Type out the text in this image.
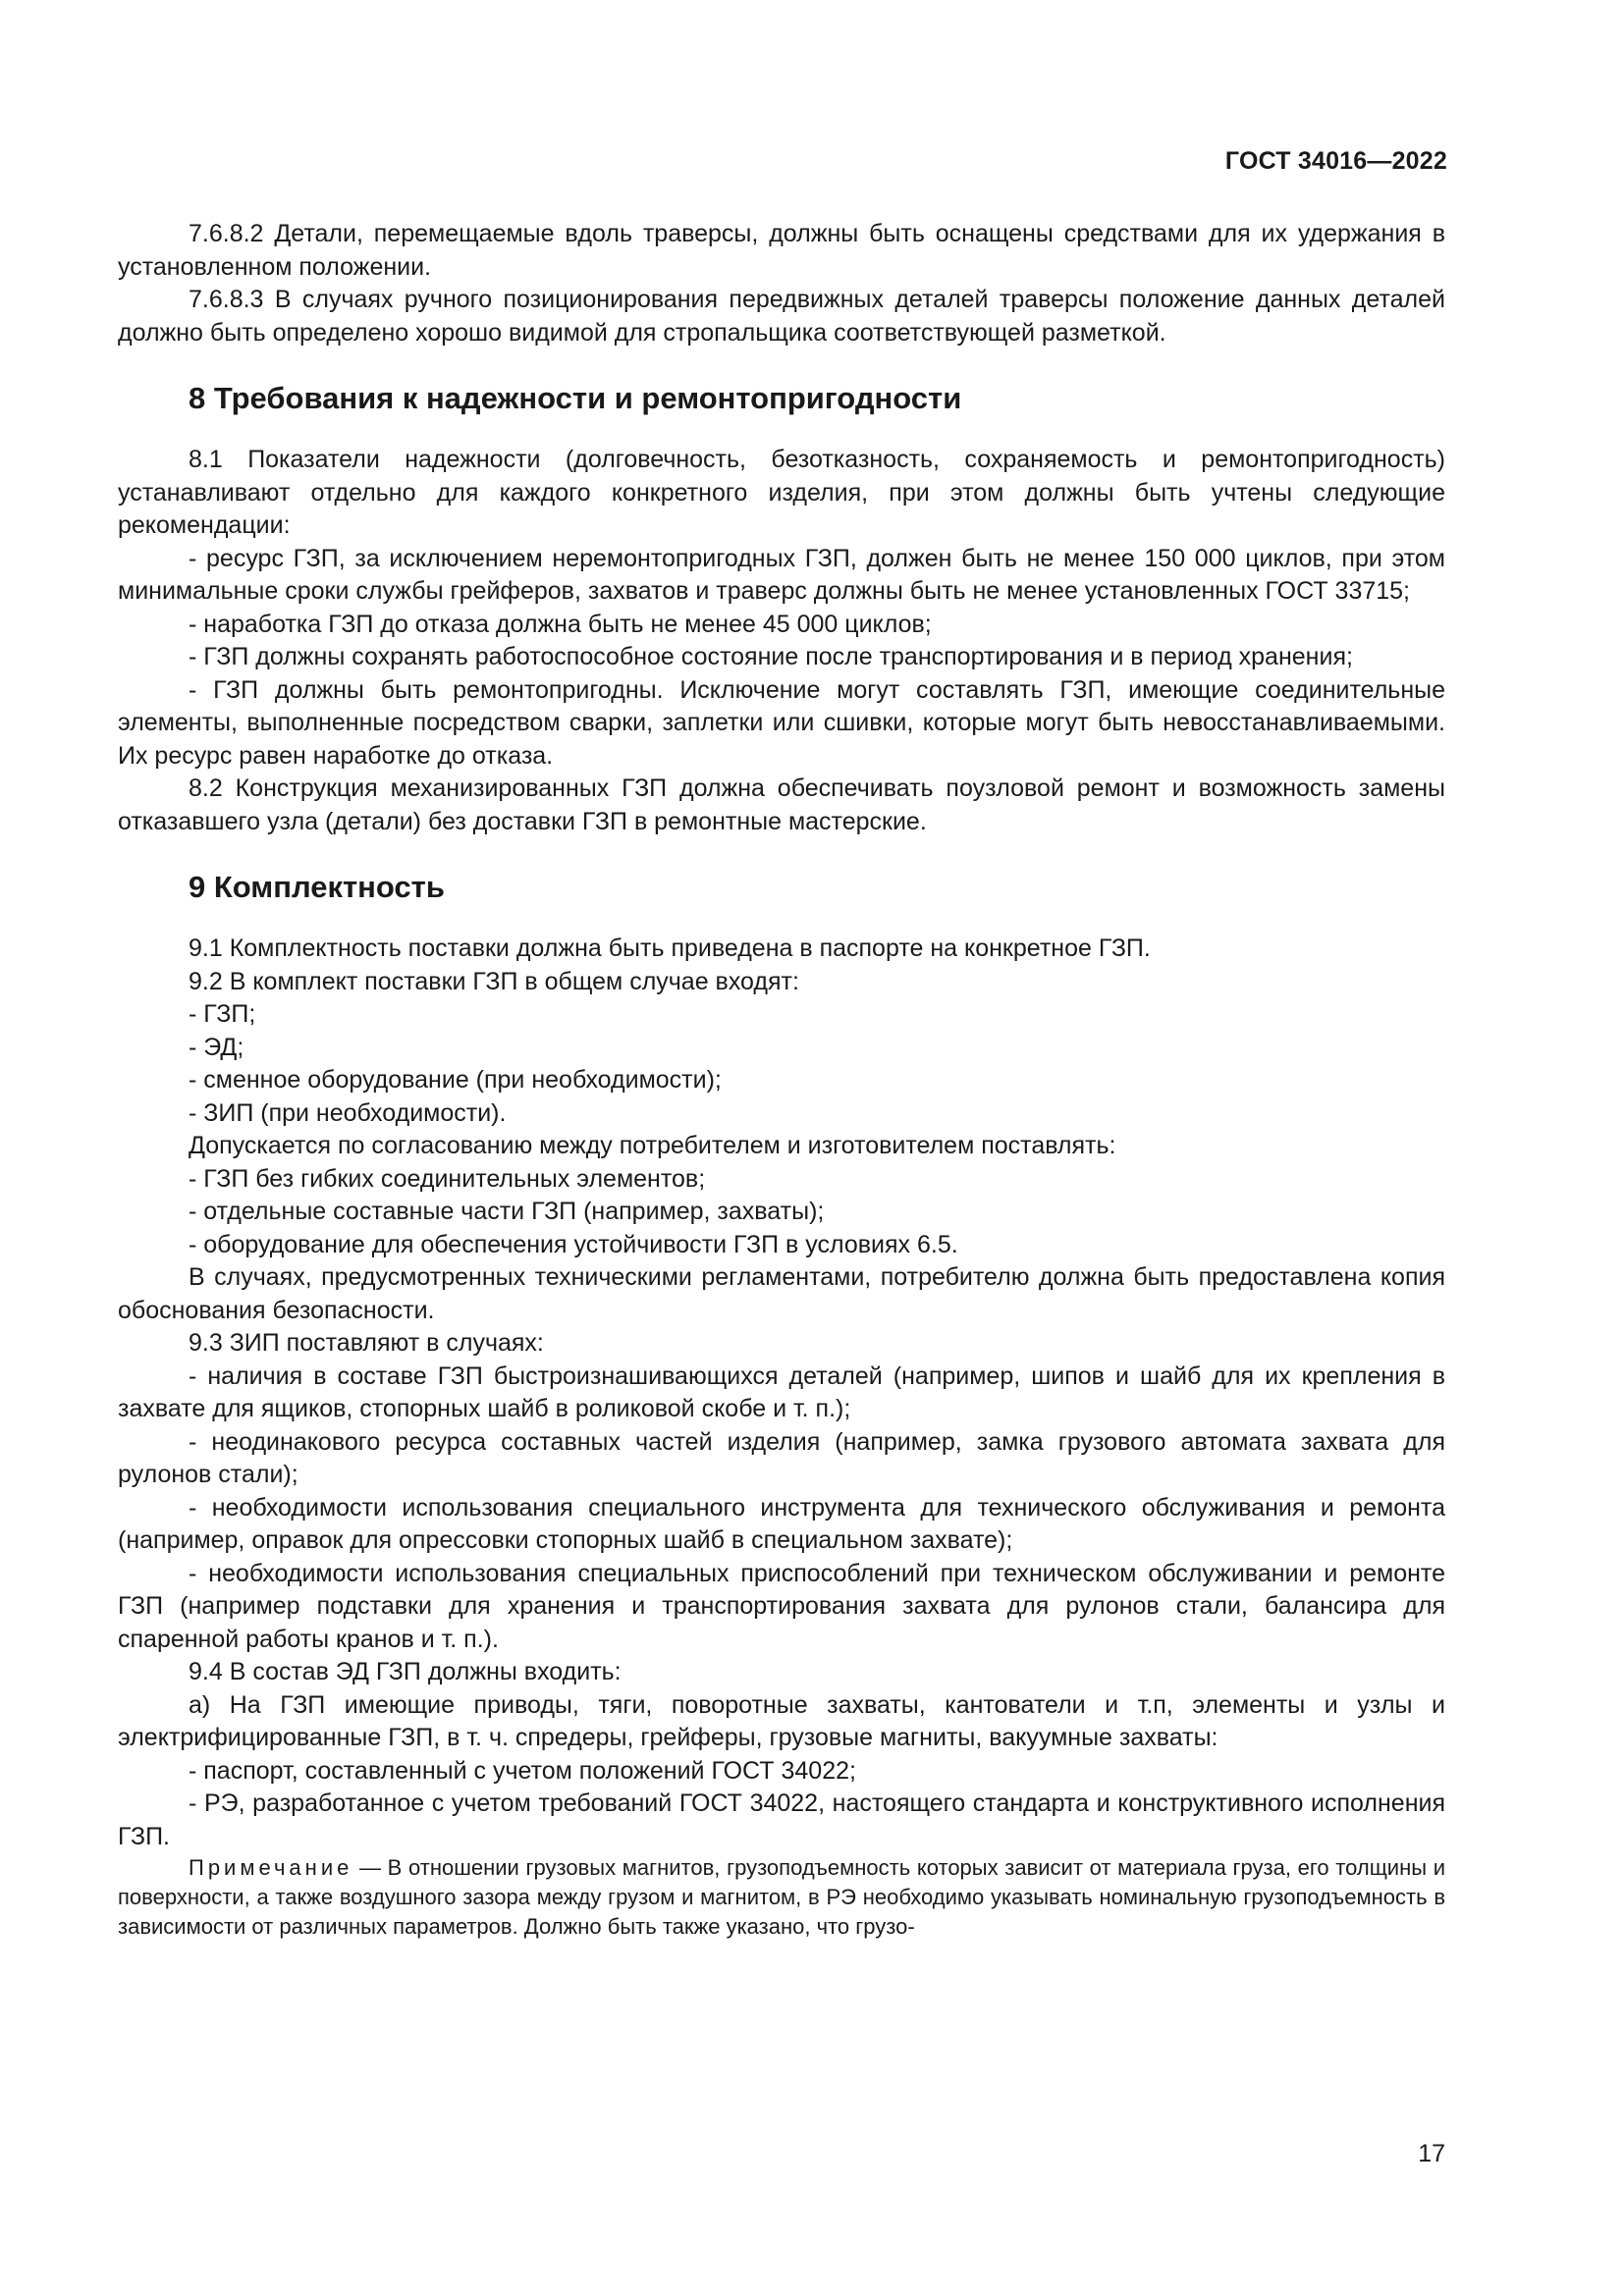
ГОСТ 34016—2022

7.6.8.2 Детали, перемещаемые вдоль траверсы, должны быть оснащены средствами для их удержания в установленном положении.

7.6.8.3 В случаях ручного позиционирования передвижных деталей траверсы положение данных деталей должно быть определено хорошо видимой для стропальщика соответствующей разметкой.

8 Требования к надежности и ремонтопригодности

8.1 Показатели надежности (долговечность, безотказность, сохраняемость и ремонтопригодность) устанавливают отдельно для каждого конкретного изделия, при этом должны быть учтены следующие рекомендации:

- ресурс ГЗП, за исключением неремонтопригодных ГЗП, должен быть не менее 150 000 циклов, при этом минимальные сроки службы грейферов, захватов и траверс должны быть не менее установленных ГОСТ 33715;

- наработка ГЗП до отказа должна быть не менее 45 000 циклов;

- ГЗП должны сохранять работоспособное состояние после транспортирования и в период хранения;

- ГЗП должны быть ремонтопригодны. Исключение могут составлять ГЗП, имеющие соединительные элементы, выполненные посредством сварки, заплетки или сшивки, которые могут быть невосстанавливаемыми. Их ресурс равен наработке до отказа.

8.2 Конструкция механизированных ГЗП должна обеспечивать поузловой ремонт и возможность замены отказавшего узла (детали) без доставки ГЗП в ремонтные мастерские.

9 Комплектность

9.1 Комплектность поставки должна быть приведена в паспорте на конкретное ГЗП.

9.2 В комплект поставки ГЗП в общем случае входят:

- ГЗП;

- ЭД;

- сменное оборудование (при необходимости);

- ЗИП (при необходимости).

Допускается по согласованию между потребителем и изготовителем поставлять:

- ГЗП без гибких соединительных элементов;

- отдельные составные части ГЗП (например, захваты);

- оборудование для обеспечения устойчивости ГЗП в условиях 6.5.

В случаях, предусмотренных техническими регламентами, потребителю должна быть предоставлена копия обоснования безопасности.

9.3 ЗИП поставляют в случаях:

- наличия в составе ГЗП быстроизнашивающихся деталей (например, шипов и шайб для их крепления в захвате для ящиков, стопорных шайб в роликовой скобе и т. п.);

- неодинакового ресурса составных частей изделия (например, замка грузового автомата захвата для рулонов стали);

- необходимости использования специального инструмента для технического обслуживания и ремонта (например, оправок для опрессовки стопорных шайб в специальном захвате);

- необходимости использования специальных приспособлений при техническом обслуживании и ремонте ГЗП (например подставки для хранения и транспортирования захвата для рулонов стали, балансира для спаренной работы кранов и т. п.).

9.4 В состав ЭД ГЗП должны входить:

а) На ГЗП имеющие приводы, тяги, поворотные захваты, кантователи и т.п, элементы и узлы и электрифицированные ГЗП, в т. ч. спредеры, грейферы, грузовые магниты, вакуумные захваты:

- паспорт, составленный с учетом положений ГОСТ 34022;

- РЭ, разработанное с учетом требований ГОСТ 34022, настоящего стандарта и конструктивного исполнения ГЗП.

Примечание — В отношении грузовых магнитов, грузоподъемность которых зависит от материала груза, его толщины и поверхности, а также воздушного зазора между грузом и магнитом, в РЭ необходимо указывать номинальную грузоподъемность в зависимости от различных параметров. Должно быть также указано, что грузо-

17
